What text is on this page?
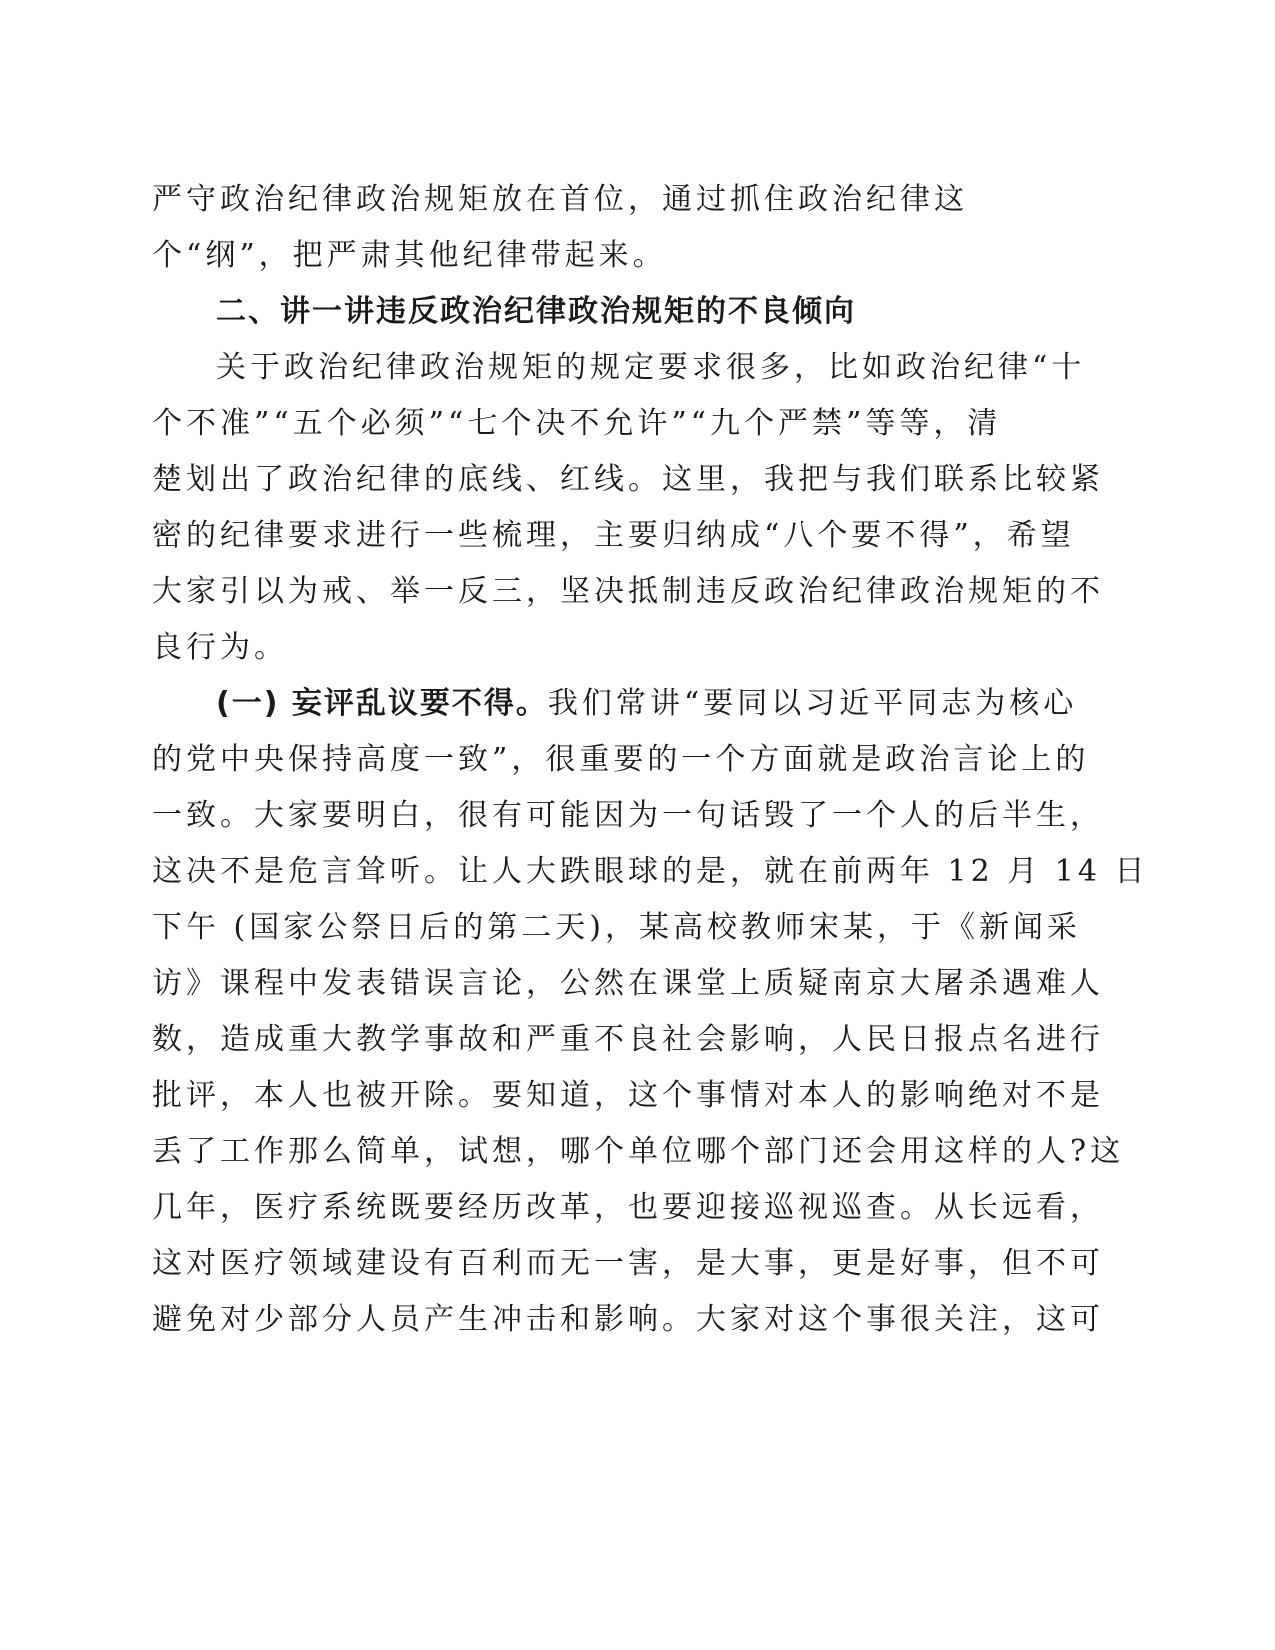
严守政治纪律政治规矩放在首位，通过抓住政治纪律这
个“纲”，把严肃其他纪律带起来。
二、讲一讲违反政治纪律政治规矩的不良倾向
关于政治纪律政治规矩的规定要求很多，比如政治纪律“十
个不准”“五个必须”“七个决不允许”“九个严禁”等等，清
楚划出了政治纪律的底线、红线。这里，我把与我们联系比较紧
密的纪律要求进行一些梳理，主要归纳成“八个要不得”，希望
大家引以为戒、举一反三，坚决抵制违反政治纪律政治规矩的不
良行为。
(一) 妄评乱议要不得。我们常讲“要同以习近平同志为核心
的党中央保持高度一致”，很重要的一个方面就是政治言论上的
一致。大家要明白，很有可能因为一句话毁了一个人的后半生，
这决不是危言耸听。让人大跌眼球的是，就在前两年 12 月 14 日
下午 (国家公祭日后的第二天)，某高校教师宋某，于《新闻采
访》课程中发表错误言论，公然在课堂上质疑南京大屠杀遇难人
数，造成重大教学事故和严重不良社会影响，人民日报点名进行
批评，本人也被开除。要知道，这个事情对本人的影响绝对不是
丢了工作那么简单，试想，哪个单位哪个部门还会用这样的人?这
几年，医疗系统既要经历改革，也要迎接巡视巡查。从长远看，
这对医疗领域建设有百利而无一害，是大事，更是好事，但不可
避免对少部分人员产生冲击和影响。大家对这个事很关注，这可
